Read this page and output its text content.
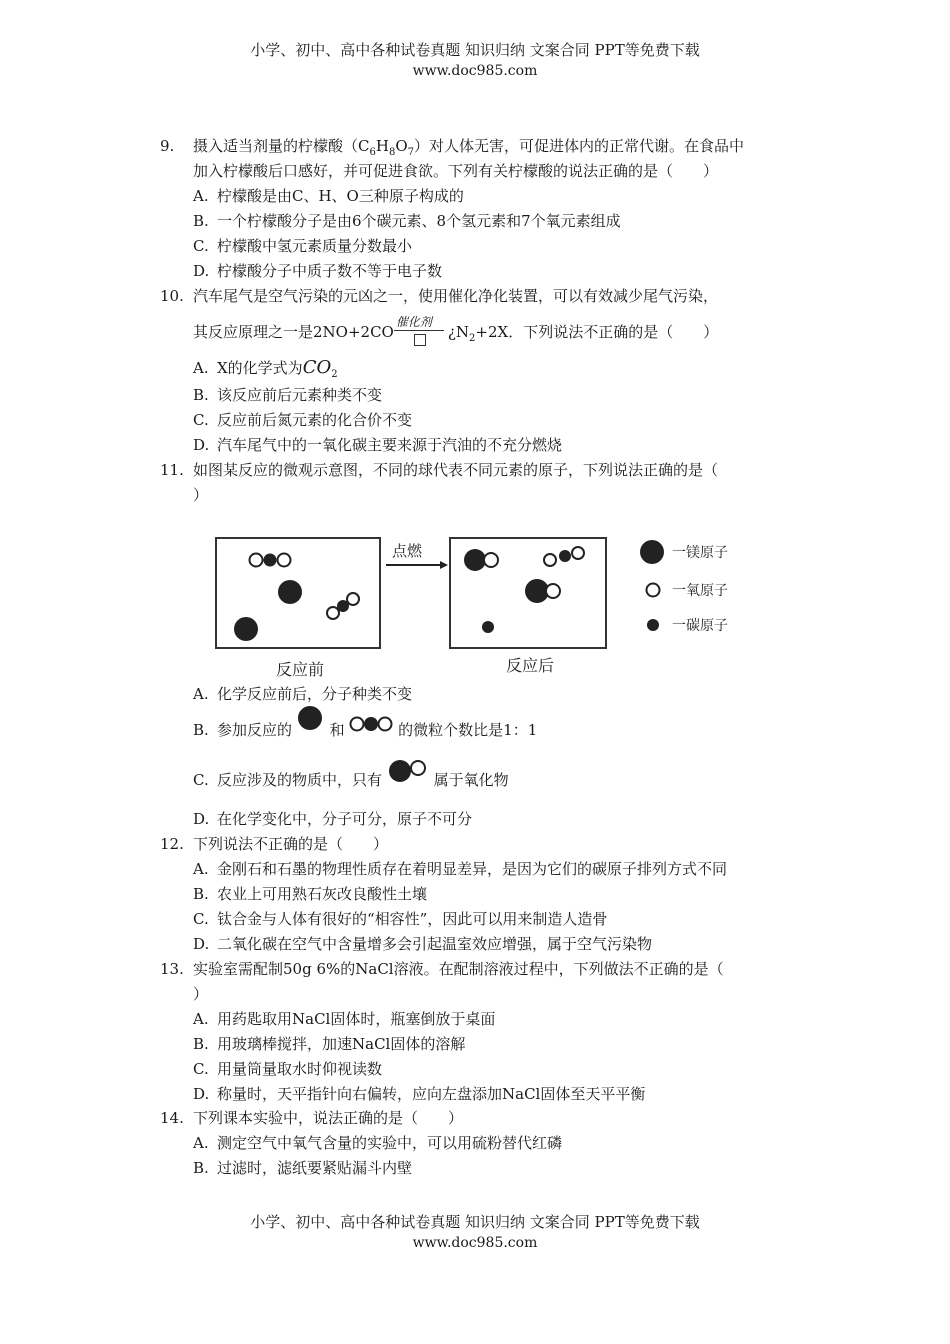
小学、初中、高中各种试卷真题 知识归纳 文案合同 PPT等免费下载
www.doc985.com
9. 摄入适当剂量的柠檬酸$(C_6H_8O_7)$对人体无害，可促进体内的正常代谢。在食品中
加入柠檬酸后口感好，并可促进食欲。下列有关柠檬酸的说法正确的是（　　）
A. 柠檬酸是由C、H、O三种原子构成的
B. 一个柠檬酸分子是由6个碳元素、8个氢元素和7个氧元素组成
C. 柠檬酸中氢元素质量分数最小
D. 柠檬酸分子中质子数不等于电子数
10. 汽车尾气是空气污染的元凶之一，使用催化净化装置，可以有效减少尾气污染，
其反应原理之一是2NO+2CO
催化剂
¿$N_2+2X$．下列说法不正确的是（　　）
A. X的化学式为$CO_2$
B. 该反应前后元素种类不变
C. 反应前后氮元素的化合价不变
D. 汽车尾气中的一氧化碳主要来源于汽油的不充分燃烧
11. 如图某反应的微观示意图，不同的球代表不同元素的原子，下列说法正确的是（
）
点燃
反应前	反应后
一镁原子
一氧原子
一碳原子
A. 化学反应前后，分子种类不变
B. 参加反应的	和	的微粒个数比是1：1
C. 反应涉及的物质中，只有	属于氧化物
D. 在化学变化中，分子可分，原子不可分
12. 下列说法不正确的是（　　）
A. 金刚石和石墨的物理性质存在着明显差异，是因为它们的碳原子排列方式不同
B. 农业上可用熟石灰改良酸性土壤
C. 钛合金与人体有很好的“相容性”，因此可以用来制造人造骨
D. 二氧化碳在空气中含量增多会引起温室效应增强，属于空气污染物
13. 实验室需配制50g 6%的NaCl溶液。在配制溶液过程中，下列做法不正确的是（
）
A. 用药匙取用NaCl固体时，瓶塞倒放于桌面
B. 用玻璃棒搅拌，加速NaCl固体的溶解
C. 用量筒量取水时仰视读数
D. 称量时，天平指针向右偏转，应向左盘添加NaCl固体至天平平衡
14. 下列课本实验中，说法正确的是（　　）
A. 测定空气中氧气含量的实验中，可以用硫粉替代红磷
B. 过滤时，滤纸要紧贴漏斗内壁
小学、初中、高中各种试卷真题 知识归纳 文案合同 PPT等免费下载
www.doc985.com
